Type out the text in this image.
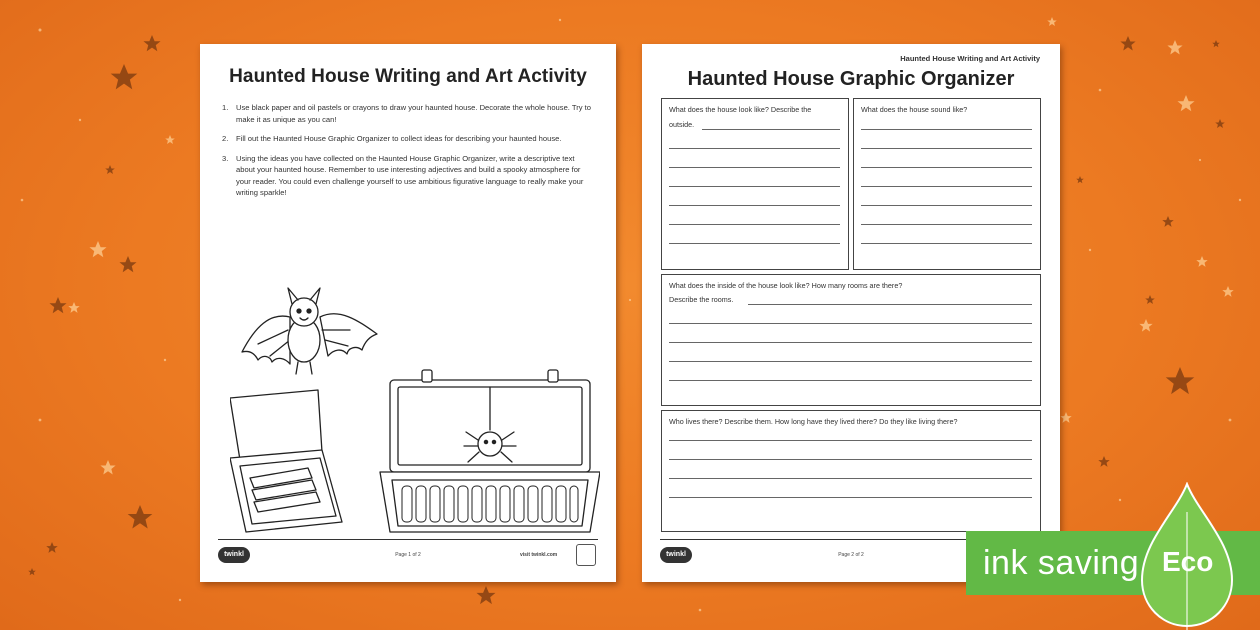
Haunted House Writing and Art Activity
1. Use black paper and oil pastels or crayons to draw your haunted house. Decorate the whole house. Try to make it as unique as you can!
2. Fill out the Haunted House Graphic Organizer to collect ideas for describing your haunted house.
3. Using the ideas you have collected on the Haunted House Graphic Organizer, write a descriptive text about your haunted house. Remember to use interesting adjectives and build a spooky atmosphere for your reader. You could even challenge yourself to use ambitious figurative language to really make your writing sparkle!
twinkl	Page 1 of 2	visit twinkl.com
Haunted House Writing and Art Activity
Haunted House Graphic Organizer
What does the house look like? Describe the
outside.
What does the house sound like?
What does the inside of the house look like? How many rooms are there?
Describe the rooms.
Who lives there? Describe them. How long have they lived there? Do they like living there?
twinkl	Page 2 of 2	ink saving Eco
